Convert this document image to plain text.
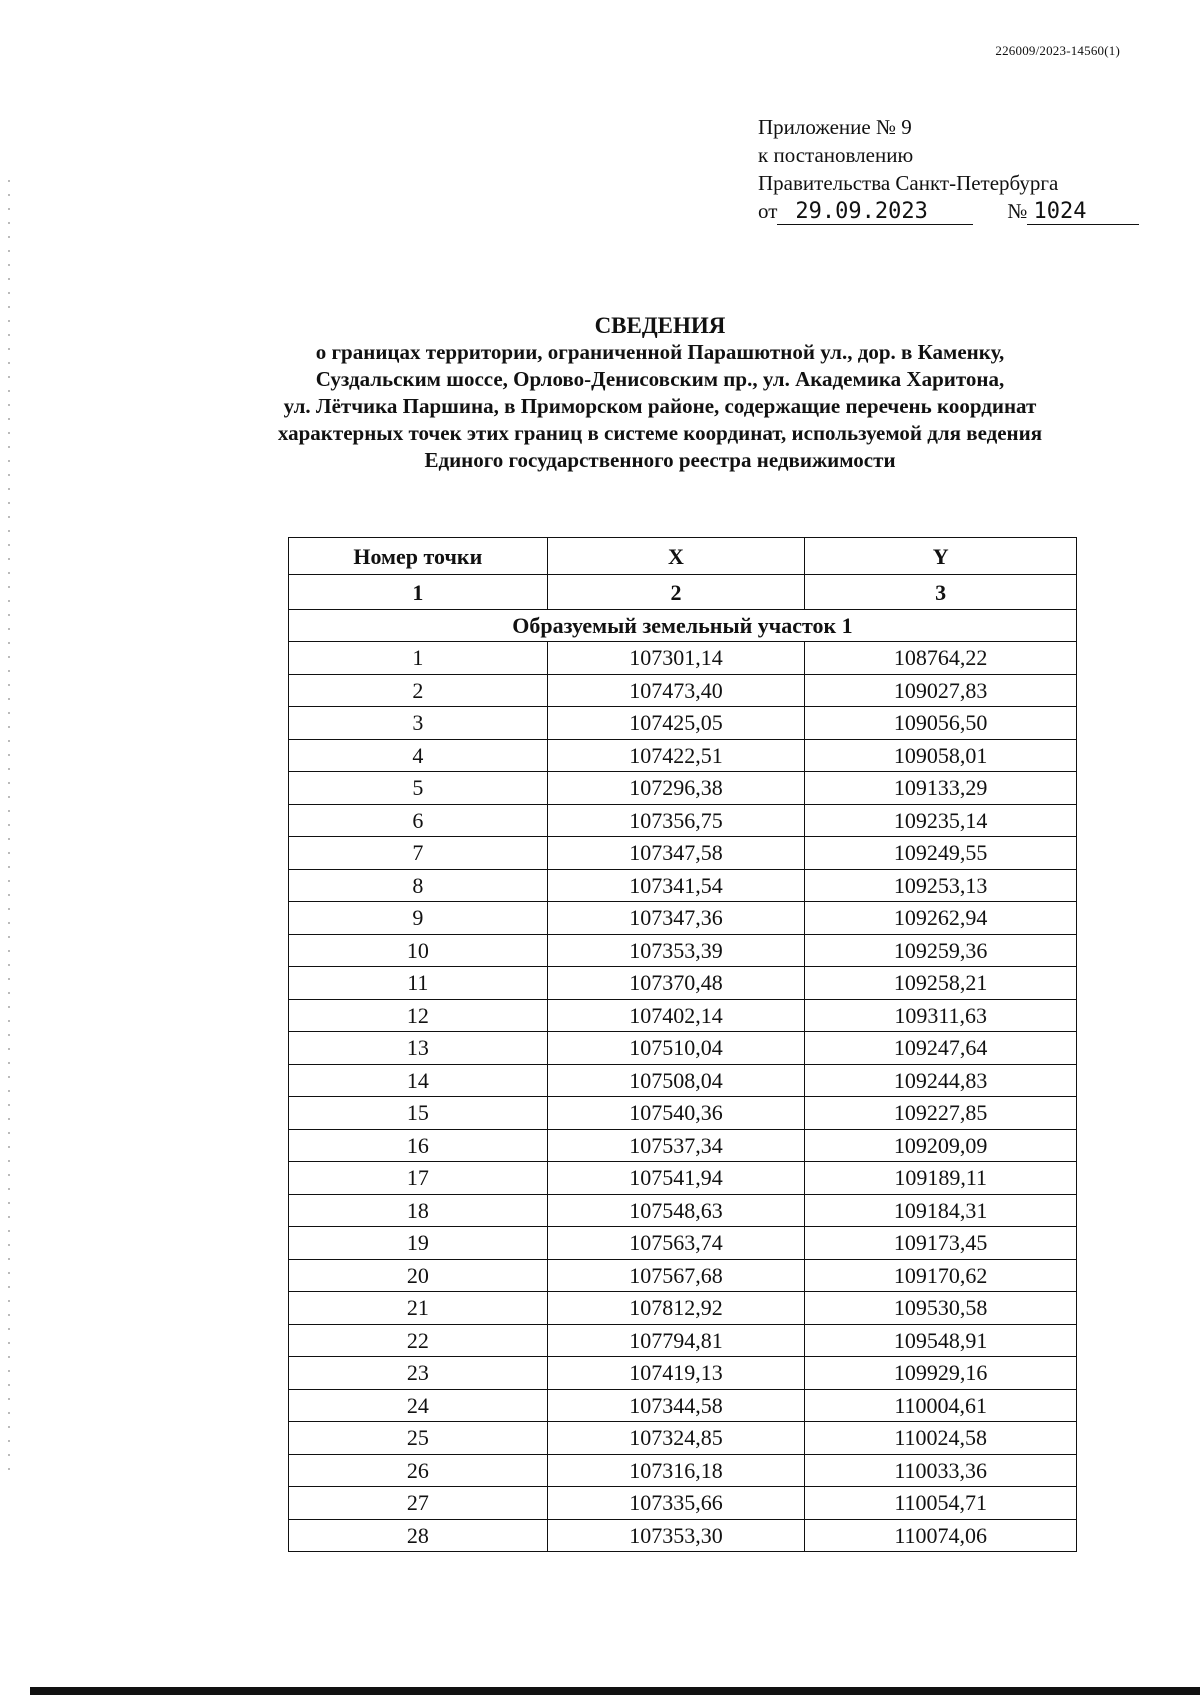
226009/2023-14560(1)
Приложение № 9
к постановлению
Правительства Санкт-Петербурга
от 29.09.2023	№ 1024
СВЕДЕНИЯ
о границах территории, ограниченной Парашютной ул., дор. в Каменку,
Суздальским шоссе, Орлово-Денисовским пр., ул. Академика Харитона,
ул. Лётчика Паршина, в Приморском районе, содержащие перечень координат
характерных точек этих границ в системе координат, используемой для ведения
Единого государственного реестра недвижимости
Номер точки	X	Y
1	2	3
Образуемый земельный участок 1		
1	107301,14	108764,22
2	107473,40	109027,83
3	107425,05	109056,50
4	107422,51	109058,01
5	107296,38	109133,29
6	107356,75	109235,14
7	107347,58	109249,55
8	107341,54	109253,13
9	107347,36	109262,94
10	107353,39	109259,36
11	107370,48	109258,21
12	107402,14	109311,63
13	107510,04	109247,64
14	107508,04	109244,83
15	107540,36	109227,85
16	107537,34	109209,09
17	107541,94	109189,11
18	107548,63	109184,31
19	107563,74	109173,45
20	107567,68	109170,62
21	107812,92	109530,58
22	107794,81	109548,91
23	107419,13	109929,16
24	107344,58	110004,61
25	107324,85	110024,58
26	107316,18	110033,36
27	107335,66	110054,71
28	107353,30	110074,06
